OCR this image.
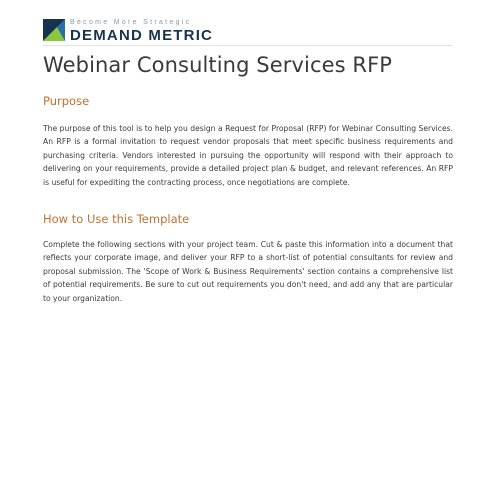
Become More Strategic
DEMAND METRIC
Webinar Consulting Services RFP
Purpose

The purpose of this tool is to help you design a Request for Proposal (RFP) for Webinar Consulting Services. An RFP is a formal invitation to request vendor proposals that meet specific business requirements and purchasing criteria. Vendors interested in pursuing the opportunity will respond with their approach to delivering on your requirements, provide a detailed project plan & budget, and relevant references. An RFP is useful for expediting the contracting process, once negotiations are complete.

How to Use this Template

Complete the following sections with your project team. Cut & paste this information into a document that reflects your corporate image, and deliver your RFP to a short-list of potential consultants for review and proposal submission. The 'Scope of Work & Business Requirements' section contains a comprehensive list of potential requirements. Be sure to cut out requirements you don't need, and add any that are particular to your organization.
